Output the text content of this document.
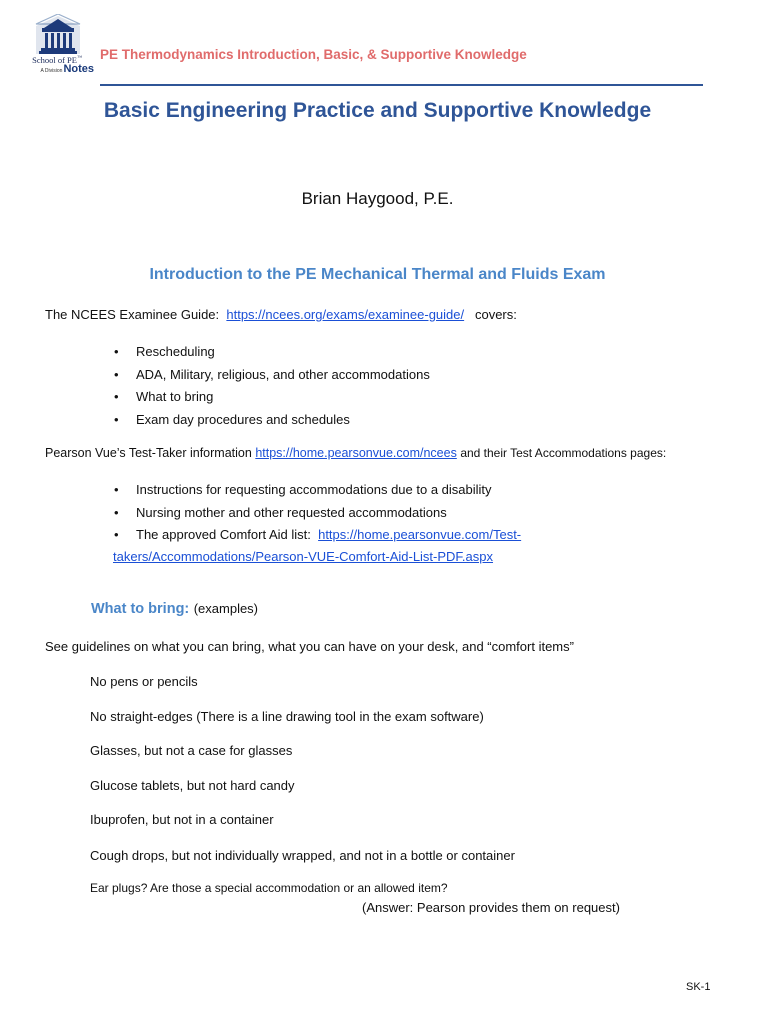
School of PE™
A DivisionNotes
PE Thermodynamics Introduction, Basic, & Supportive Knowledge
Basic Engineering Practice and Supportive Knowledge
Brian Haygood, P.E.
Introduction to the PE Mechanical Thermal and Fluids Exam
The NCEES Examinee Guide: https://ncees.org/exams/examinee-guide/ covers:
• Rescheduling
• ADA, Military, religious, and other accommodations
• What to bring
• Exam day procedures and schedules
Pearson Vue’s Test-Taker information https://home.pearsonvue.com/ncees and their Test Accommodations pages:
• Instructions for requesting accommodations due to a disability
• Nursing mother and other requested accommodations
• The approved Comfort Aid list: https://home.pearsonvue.com/Test-
takers/Accommodations/Pearson-VUE-Comfort-Aid-List-PDF.aspx
What to bring: (examples)
See guidelines on what you can bring, what you can have on your desk, and “comfort items”
No pens or pencils
No straight-edges (There is a line drawing tool in the exam software)
Glasses, but not a case for glasses
Glucose tablets, but not hard candy
Ibuprofen, but not in a container
Cough drops, but not individually wrapped, and not in a bottle or container
Ear plugs? Are those a special accommodation or an allowed item?
(Answer: Pearson provides them on request)
SK-1
